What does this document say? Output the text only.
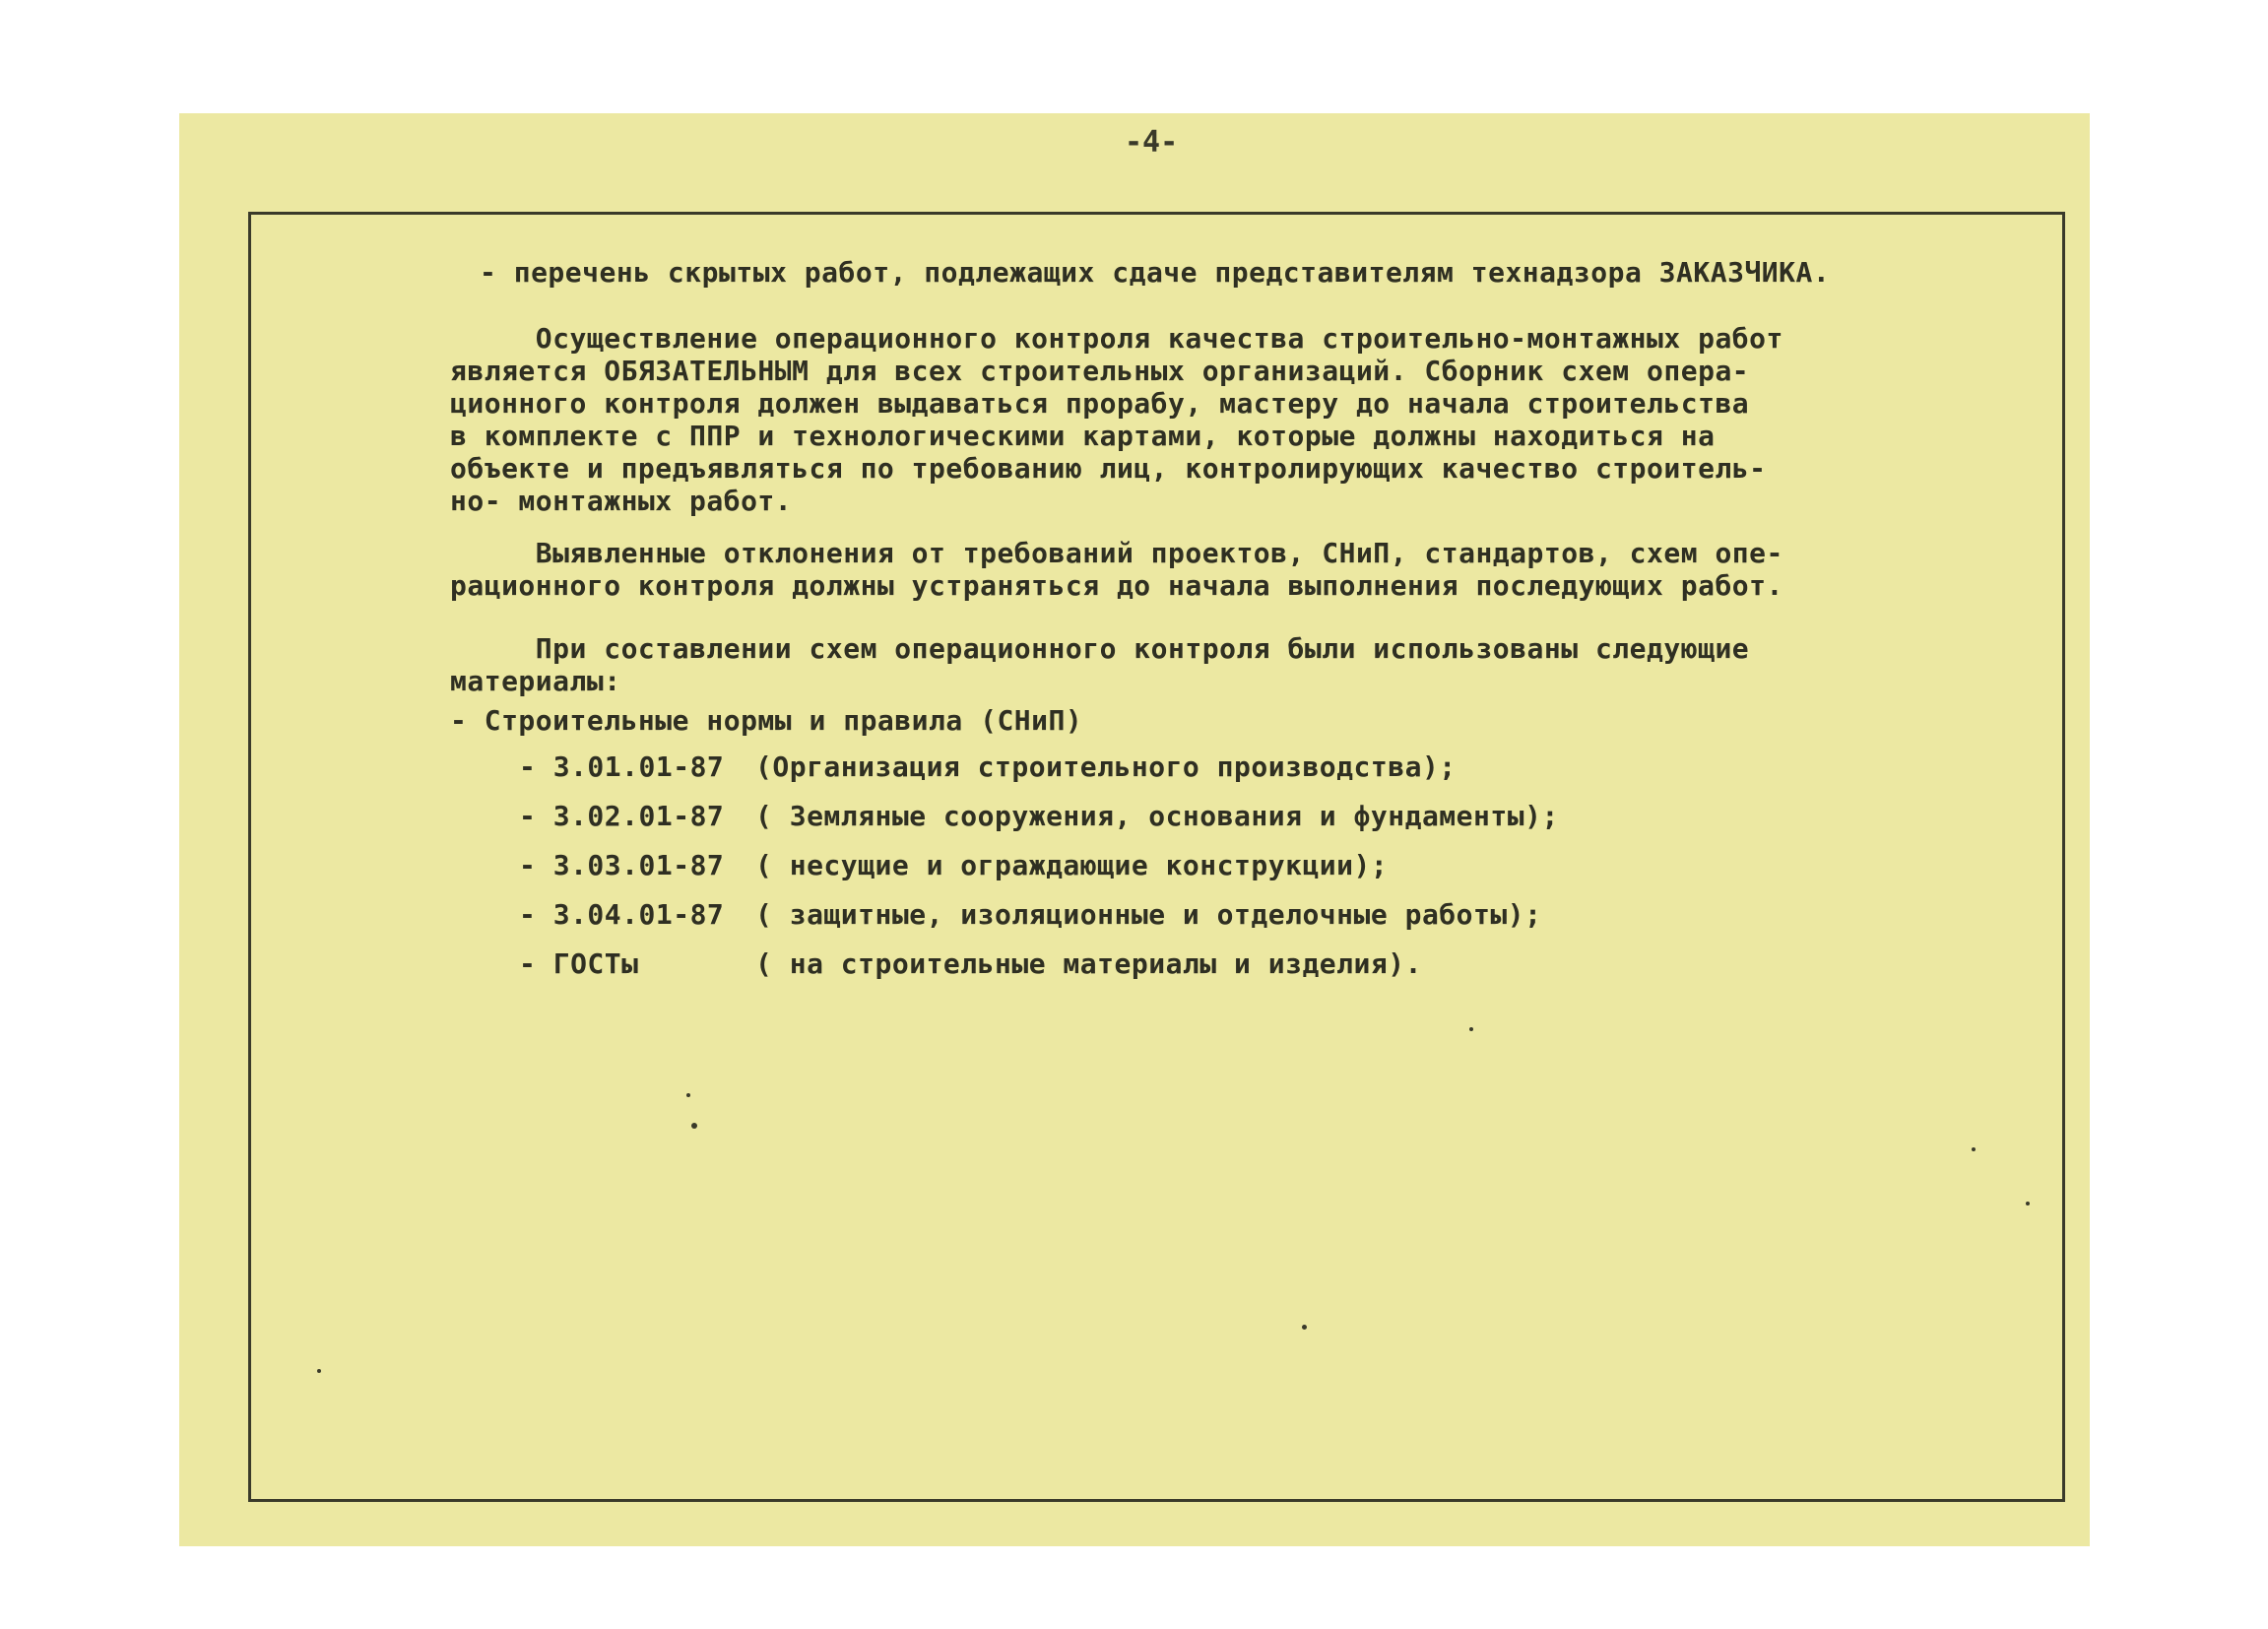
-4-
- перечень скрытых работ, подлежащих сдаче представителям технадзора ЗАКАЗЧИКА.
Осуществление операционного контроля качества строительно-монтажных работ
является ОБЯЗАТЕЛЬНЫМ для всех строительных организаций. Сборник схем опера-
ционного контроля должен выдаваться прорабу, мастеру до начала строительства
в комплекте с ППР и технологическими картами, которые должны находиться на
объекте и предъявляться по требованию лиц, контролирующих качество строитель-
но- монтажных работ.
Выявленные отклонения от требований проектов, СНиП, стандартов, схем опе-
рационного контроля должны устраняться до начала выполнения последующих работ.
При составлении схем операционного контроля были использованы следующие
материалы:
- Строительные нормы и правила (СНиП)
- 3.01.01-87 (Организация строительного производства);
- 3.02.01-87 ( Земляные сооружения, основания и фундаменты);
- 3.03.01-87 ( несущие и ограждающие конструкции);
- 3.04.01-87 ( защитные, изоляционные и отделочные работы);
- ГОСТы	( на строительные материалы и изделия).
